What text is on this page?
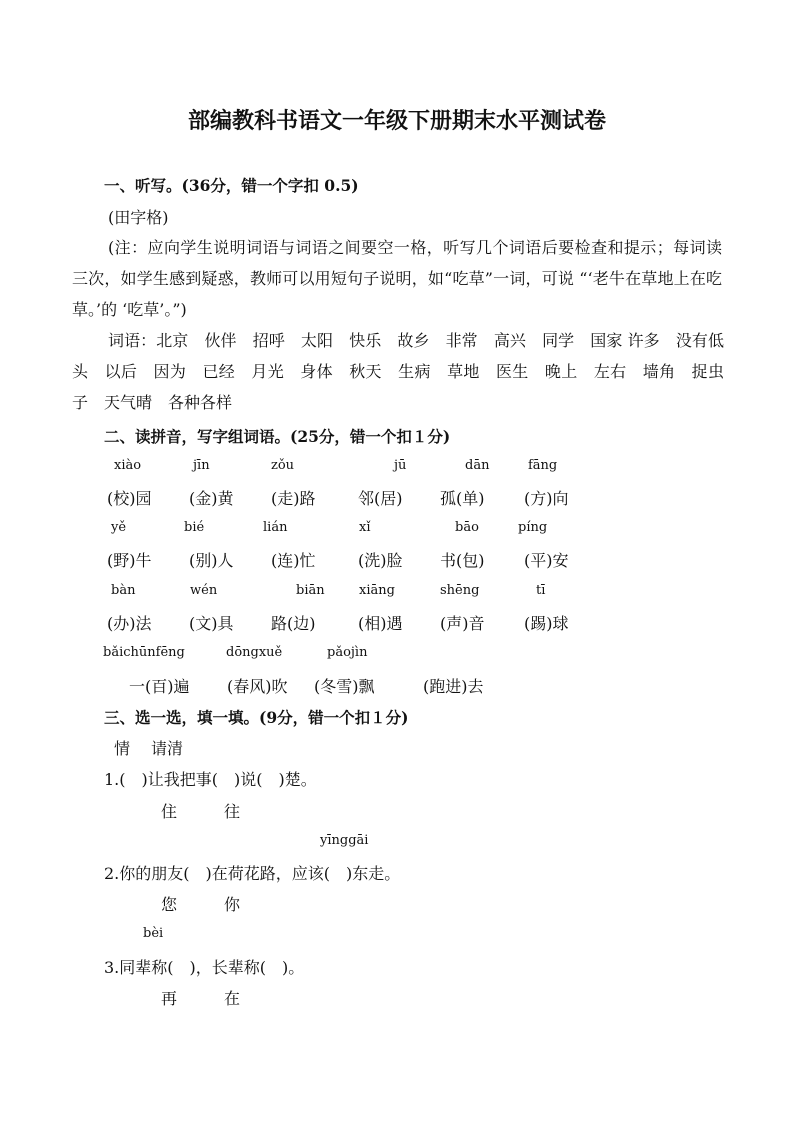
部编教科书语文一年级下册期末水平测试卷
一、听写。(36分，错一个字扣 0.5)
(田字格)
(注：应向学生说明词语与词语之间要空一格，听写几个词语后要检查和提示；每词读三次，如学生感到疑惑，教师可以用短句子说明，如“吃草”一词，可说 “‘老牛在草地上在吃草。’的 ‘吃草’。”)
词语：北京　伙伴　招呼　太阳　快乐　故乡　非常　高兴　同学　国家 许多　没有低头　以后　因为　已经　月光　身体　秋天　生病　草地　医生　晚上　左右　墙角　捉虫子　天气晴　各种各样
二、读拼音，写字组词语。(25分，错一个扣１分)
xiào	jīn	zǒu	jū	dān	fāng
(校)园 (金)黄 (走)路	邻(居) 孤(单) (方)向
yě	bié	lián	xǐ	bāo	píng
(野)牛 (别)人 (连)忙	(洗)脸 书(包) (平)安
bàn	wén	biān	xiāng	shēng	tī
(办)法 (文)具 路(边)	(相)遇 (声)音 (踢)球
bǎichūnfēng	dōngxuě	pǎojìn
一(百)遍 (春风)吹 (冬雪)飘	(跑进)去
三、选一选，填一填。(9分，错一个扣１分)
情 请清
1.(　)让我把事(　)说(　)楚。
住	往
yīnggāi
2.你的朋友(　)在荷花路，应该(　)东走。
您	你
bèi
3.同辈称(　)，长辈称(　)。
再	在
